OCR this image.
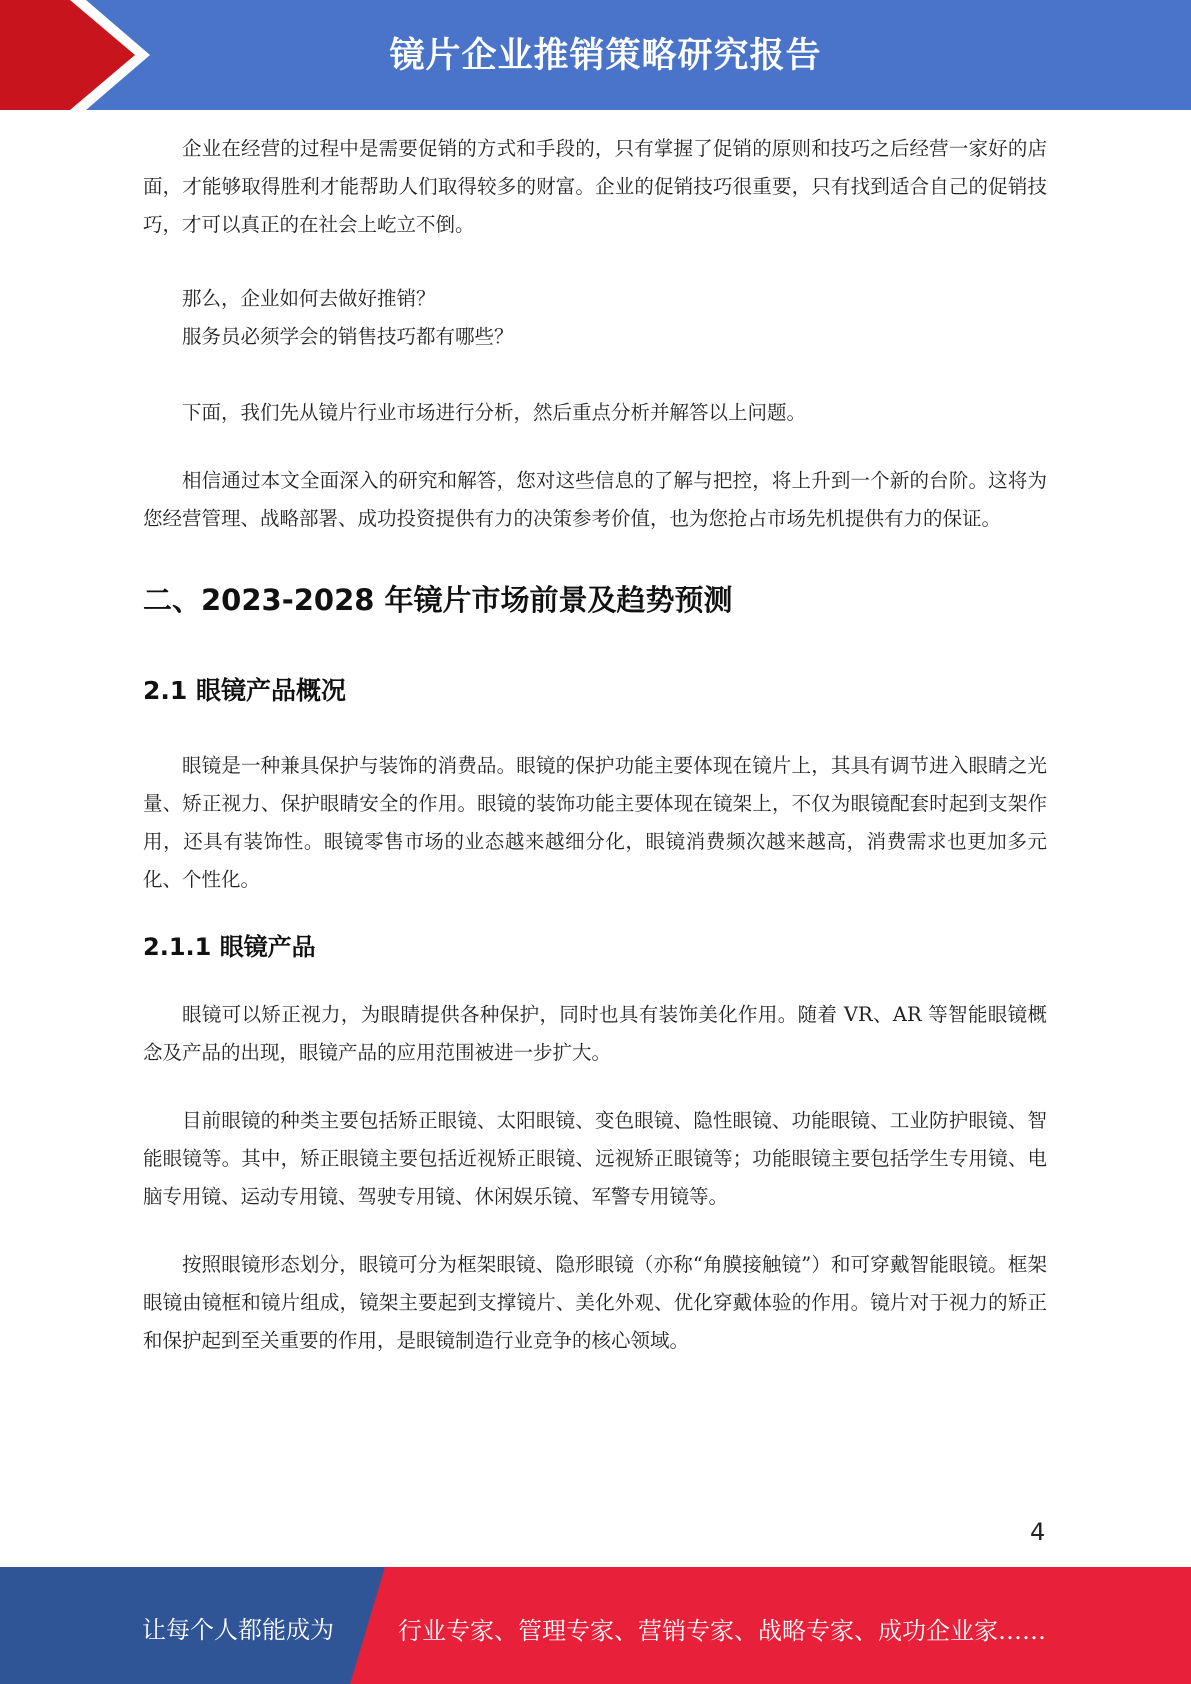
镜片企业推销策略研究报告

企业在经营的过程中是需要促销的方式和手段的，只有掌握了促销的原则和技巧之后经营一家好的店面，才能够取得胜利才能帮助人们取得较多的财富。企业的促销技巧很重要，只有找到适合自己的促销技巧，才可以真正的在社会上屹立不倒。

那么，企业如何去做好推销？

服务员必须学会的销售技巧都有哪些？

下面，我们先从镜片行业市场进行分析，然后重点分析并解答以上问题。

相信通过本文全面深入的研究和解答，您对这些信息的了解与把控，将上升到一个新的台阶。这将为您经营管理、战略部署、成功投资提供有力的决策参考价值，也为您抢占市场先机提供有力的保证。

二、2023-2028 年镜片市场前景及趋势预测
2.1 眼镜产品概况

眼镜是一种兼具保护与装饰的消费品。眼镜的保护功能主要体现在镜片上，其具有调节进入眼睛之光量、矫正视力、保护眼睛安全的作用。眼镜的装饰功能主要体现在镜架上，不仅为眼镜配套时起到支架作用，还具有装饰性。眼镜零售市场的业态越来越细分化，眼镜消费频次越来越高，消费需求也更加多元化、个性化。

2.1.1 眼镜产品

眼镜可以矫正视力，为眼睛提供各种保护，同时也具有装饰美化作用。随着 VR、AR 等智能眼镜概念及产品的出现，眼镜产品的应用范围被进一步扩大。

目前眼镜的种类主要包括矫正眼镜、太阳眼镜、变色眼镜、隐性眼镜、功能眼镜、工业防护眼镜、智能眼镜等。其中，矫正眼镜主要包括近视矫正眼镜、远视矫正眼镜等；功能眼镜主要包括学生专用镜、电脑专用镜、运动专用镜、驾驶专用镜、休闲娱乐镜、军警专用镜等。

按照眼镜形态划分，眼镜可分为框架眼镜、隐形眼镜（亦称“角膜接触镜”）和可穿戴智能眼镜。框架眼镜由镜框和镜片组成，镜架主要起到支撑镜片、美化外观、优化穿戴体验的作用。镜片对于视力的矫正和保护起到至关重要的作用，是眼镜制造行业竞争的核心领域。

4
让每个人都能成为	行业专家、管理专家、营销专家、战略专家、成功企业家……
